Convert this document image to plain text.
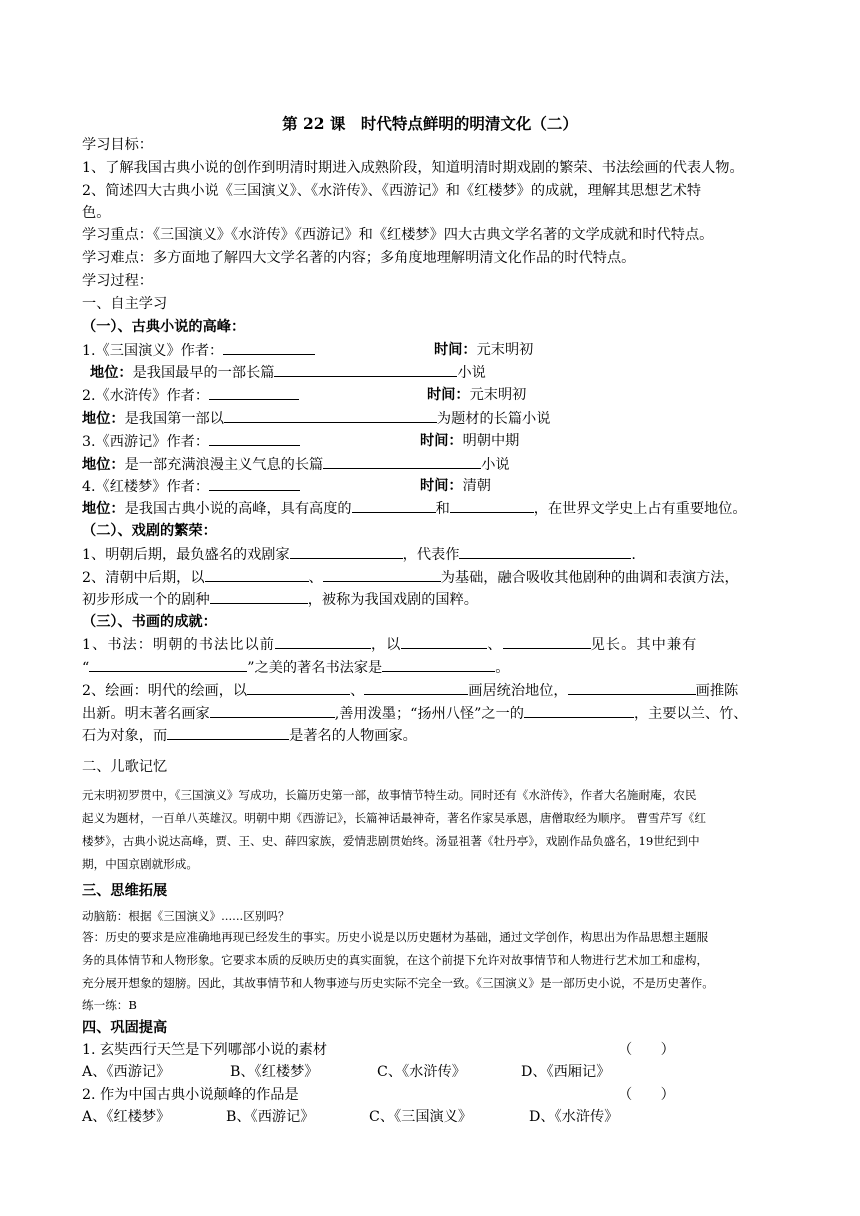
第 22 课　时代特点鲜明的明清文化（二）
学习目标：
1、了解我国古典小说的创作到明清时期进入成熟阶段，知道明清时期戏剧的繁荣、书法绘画的代表人物。
2、简述四大古典小说《三国演义》、《水浒传》、《西游记》和《红楼梦》的成就，理解其思想艺术特
色。
学习重点：《三国演义》《水浒传》《西游记》和《红楼梦》四大古典文学名著的文学成就和时代特点。
学习难点：多方面地了解四大文学名著的内容；多角度地理解明清文化作品的时代特点。
学习过程：
一、自主学习
（一）、古典小说的高峰：
1.《三国演义》作者：	时间：元末明初
地位：是我国最早的一部长篇	小说
2.《水浒传》作者：	时间：元末明初
地位：是我国第一部以	为题材的长篇小说
3.《西游记》作者：	时间：明朝中期
地位：是一部充满浪漫主义气息的长篇	小说
4.《红楼梦》作者：	时间：清朝
地位：是我国古典小说的高峰，具有高度的	和	，在世界文学史上占有重要地位。
（二）、戏剧的繁荣：
1、明朝后期，最负盛名的戏剧家	，代表作	.
2、清朝中后期，以	、	为基础，融合吸收其他剧种的曲调和表演方法，
初步形成一个的剧种	，被称为我国戏剧的国粹。
（三）、书画的成就：
1、书法：明朝的书法比以前	，以	、	见长。其中兼有
“	”之美的著名书法家是	。
2、绘画：明代的绘画，以	、	画居统治地位，	画推陈
出新。明末著名画家	,善用泼墨；“扬州八怪”之一的	，主要以兰、竹、
石为对象，而	是著名的人物画家。
二、儿歌记忆
元末明初罗贯中，《三国演义》写成功，长篇历史第一部，故事情节特生动。同时还有《水浒传》，作者大名施耐庵，农民
起义为题材，一百单八英雄汉。明朝中期《西游记》，长篇神话最神奇，著名作家吴承恩，唐僧取经为顺序。 曹雪芹写《红
楼梦》，古典小说达高峰，贾、王、史、薛四家族，爱情悲剧贯始终。汤显祖著《牡丹亭》，戏剧作品负盛名，19世纪到中
期，中国京剧就形成。
三、思维拓展
动脑筋：根据《三国演义》......区别吗？
答：历史的要求是应准确地再现已经发生的事实。历史小说是以历史题材为基础，通过文学创作，构思出为作品思想主题服
务的具体情节和人物形象。它要求本质的反映历史的真实面貌，在这个前提下允许对故事情节和人物进行艺术加工和虚构，
充分展开想象的翅膀。因此，其故事情节和人物事迹与历史实际不完全一致。《三国演义》是一部历史小说，不是历史著作。
练一练：B
四、巩固提高
1. 玄奘西行天竺是下列哪部小说的素材	（　　）
A、《西游记》	B、《红楼梦》	C、《水浒传》	D、《西厢记》
2. 作为中国古典小说颠峰的作品是	（　　）
A、《红楼梦》	B、《西游记》	C、《三国演义》	D、《水浒传》
